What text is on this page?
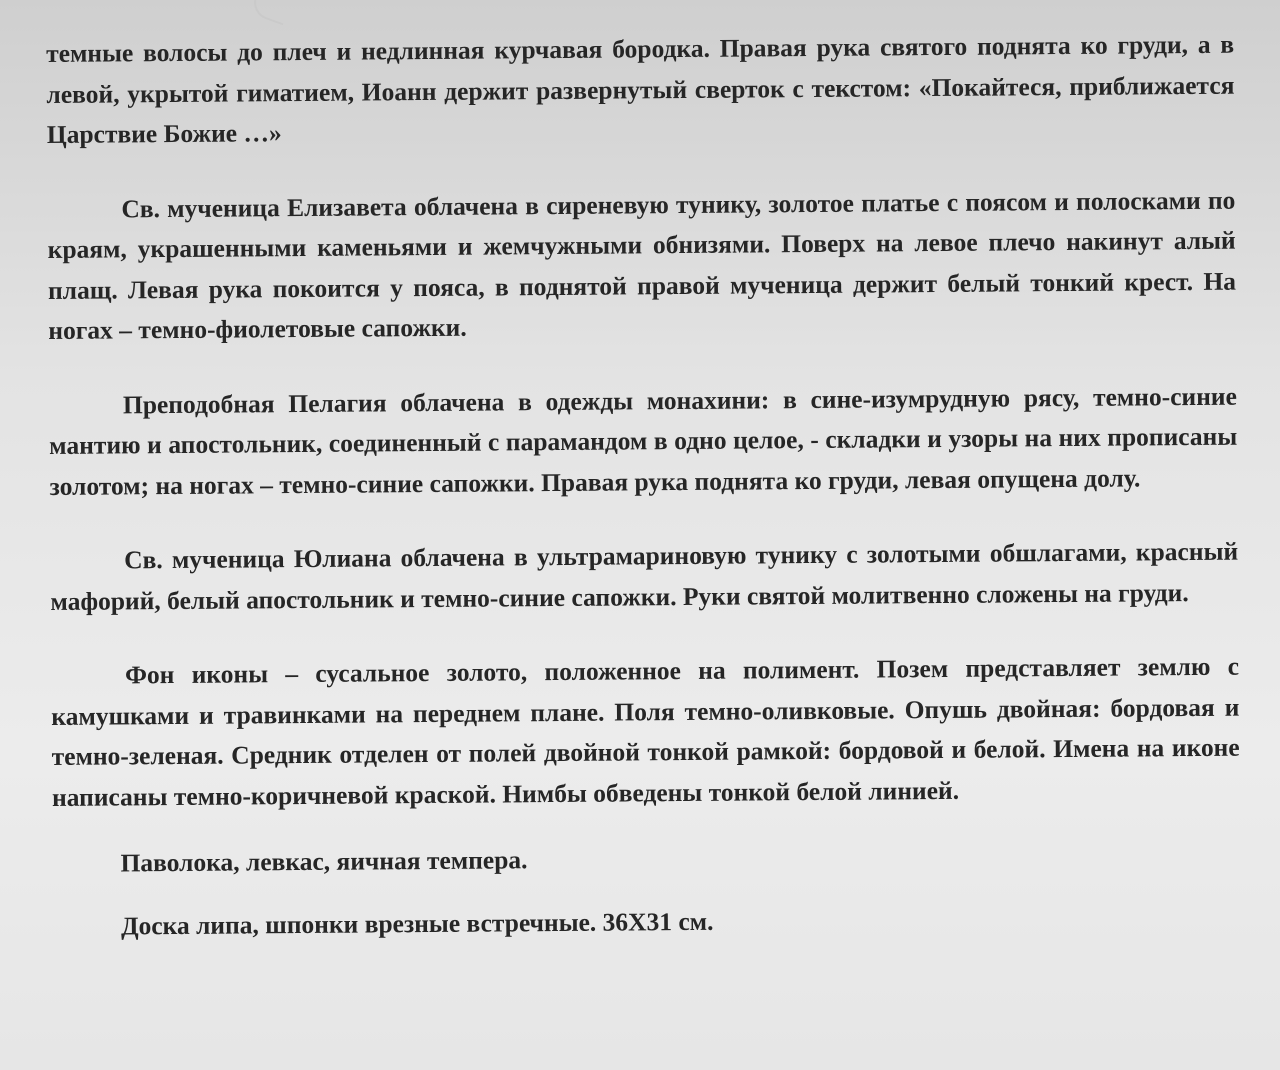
темные волосы до плеч и недлинная курчавая бородка. Правая рука святого поднята ко груди, а в левой, укрытой гиматием, Иоанн держит развернутый сверток с текстом: «Покайтеся, приближается Царствие Божие …»

Св. мученица Елизавета облачена в сиреневую тунику, золотое платье с поясом и полосками по краям, украшенными каменьями и жемчужными обнизями. Поверх на левое плечо накинут алый плащ. Левая рука покоится у пояса, в поднятой правой мученица держит белый тонкий крест. На ногах – темно-фиолетовые сапожки.

Преподобная Пелагия облачена в одежды монахини: в сине-изумрудную рясу, темно-синие мантию и апостольник, соединенный с парамандом в одно целое, - складки и узоры на них прописаны золотом; на ногах – темно-синие сапожки. Правая рука поднята ко груди, левая опущена долу.

Св. мученица Юлиана облачена в ультрамариновую тунику с золотыми обшлагами, красный мафорий, белый апостольник и темно-синие сапожки. Руки святой молитвенно сложены на груди.

Фон иконы – сусальное золото, положенное на полимент. Позем представляет землю с камушками и травинками на переднем плане. Поля темно-оливковые. Опушь двойная: бордовая и темно-зеленая. Средник отделен от полей двойной тонкой рамкой: бордовой и белой. Имена на иконе написаны темно-коричневой краской. Нимбы обведены тонкой белой линией.

Паволока, левкас, яичная темпера.

Доска липа, шпонки врезные встречные. 36Х31 см.
